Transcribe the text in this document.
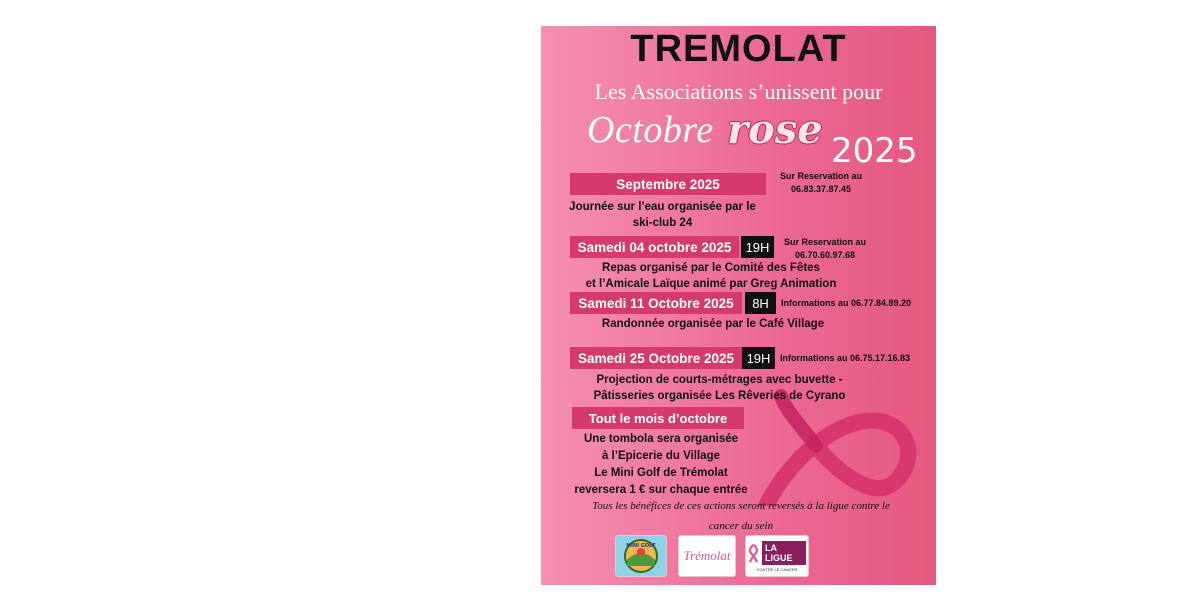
TREMOLAT
Les Associations s’unissent pour
Octobre rose 2025
Septembre 2025
Sur Reservation au
06.83.37.87.45
Journée sur l’eau organisée par le
ski-club 24
Samedi 04 octobre 2025	19H	Sur Reservation au
06.70.60.97.68
Repas organisé par le Comité des Fêtes
et l’Amicale Laïque animé par Greg Animation
Samedi 11 Octobre 2025	8H	Informations au 06.77.84.89.20
Randonnée organisée par le Café Village
Samedi 25 Octobre 2025 19H	Informations au 06.75.17.16.83
Projection de courts-métrages avec buvette -
Pâtisseries organisée Les Rêveries de Cyrano
Tout le mois d’octobre
Une tombola sera organisée
à l’Epicerie du Village
Le Mini Golf de Trémolat
reversera 1 € sur chaque entrée
Tous les bénéfices de ces actions seront reversés à la ligue contre le
cancer du sein
MINI GOLF
Trémolat
LA LIGUE
CONTRE LE CANCER
